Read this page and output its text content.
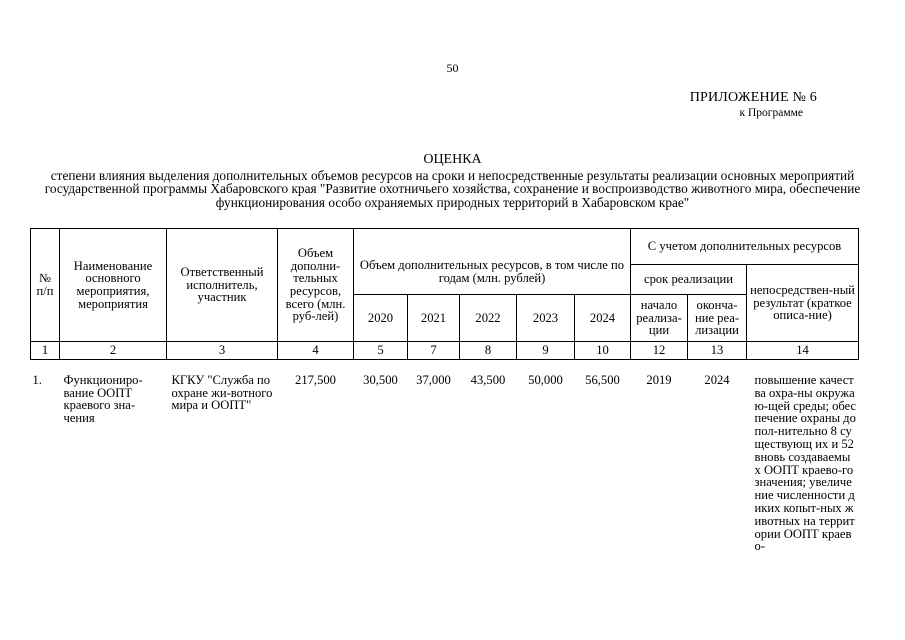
50
ПРИЛОЖЕНИЕ № 6
к Программе
ОЦЕНКА
степени влияния выделения дополнительных объемов ресурсов на сроки и непосредственные результаты реализации основных мероприятий государственной программы Хабаровского края "Развитие охотничьего хозяйства, сохранение и воспроизводство животного мира, обеспечение функционирования особо охраняемых природных территорий в Хабаровском крае"
№ п/п	Наименование основного мероприятия, мероприятия	Ответственный исполнитель, участник	Объем дополни-тельных ресурсов, всего (млн. руб-лей)	Объем дополнительных ресурсов, в том числе по годам (млн. рублей)					С учетом дополнительных ресурсов		
									срок реализации		непосредствен-ный результат (краткое описа-ние)
				2020	2021	2022	2023	2024	начало реализа-ции	оконча-ние реа-лизации	
1	2	3	4	5	7	8	9	10	12	13	14
1.	Функциониро-вание ООПТ краевого зна-чения	КГКУ "Служба по охране жи-вотного мира и ООПТ"	217,500	30,500	37,000	43,500	50,000	56,500	2019	2024	повышение качества охра-ны окружаю-щей среды; обеспечение охраны допол-нительно 8 существующ их и 52 вновь создаваемых ООПТ краево-го значения; увеличение численности диких копыт-ных животных на территории ООПТ краево-
